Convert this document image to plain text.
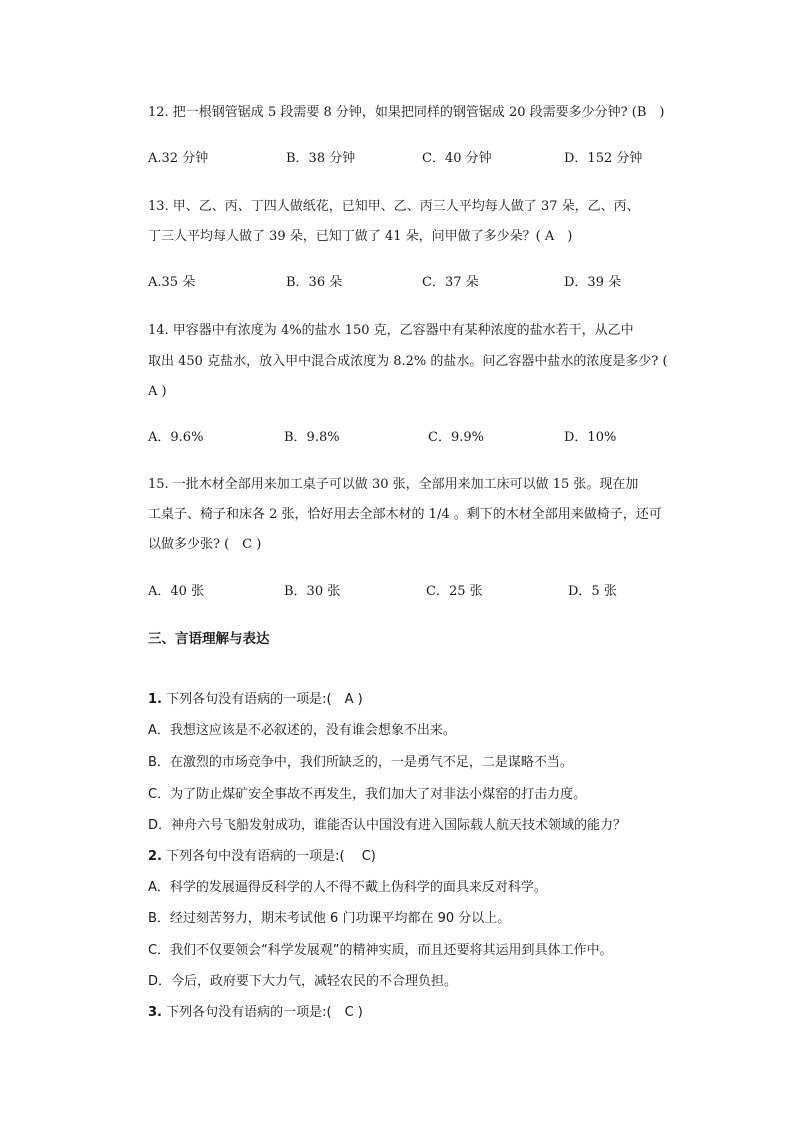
12. 把一根钢管锯成 5 段需要 8 分钟，如果把同样的钢管锯成 20 段需要多少分钟? (B　)
A.32 分钟	B．38 分钟	C．40 分钟	D．152 分钟
13. 甲、乙、丙、丁四人做纸花，已知甲、乙、丙三人平均每人做了 37 朵，乙、丙、
丁三人平均每人做了 39 朵，已知丁做了 41 朵，问甲做了多少朵？( A　)
A.35 朵	B．36 朵	C．37 朵	D．39 朵
14. 甲容器中有浓度为 4%的盐水 150 克，乙容器中有某种浓度的盐水若干，从乙中
取出 450 克盐水，放入甲中混合成浓度为 8.2% 的盐水。问乙容器中盐水的浓度是多少? (
A )
A．9.6%	B．9.8%	C．9.9%	D．10%
15. 一批木材全部用来加工桌子可以做 30 张，全部用来加工床可以做 15 张。现在加
工桌子、椅子和床各 2 张，恰好用去全部木材的 1/4 。剩下的木材全部用来做椅子，还可
以做多少张? (　C )
A．40 张	B．30 张	C．25 张	D．5 张
三、言语理解与表达
1. 下列各句没有语病的一项是:(　A )
A．我想这应该是不必叙述的，没有谁会想象不出来。
B．在激烈的市场竞争中，我们所缺乏的，一是勇气不足，二是谋略不当。
C．为了防止煤矿安全事故不再发生，我们加大了对非法小煤窑的打击力度。
D．神舟六号飞船发射成功，谁能否认中国没有进入国际载人航天技术领域的能力？
2. 下列各句中没有语病的一项是:(　 C)
A．科学的发展逼得反科学的人不得不戴上伪科学的面具来反对科学。
B．经过刻苦努力，期末考试他 6 门功课平均都在 90 分以上。
C．我们不仅要领会“科学发展观”的精神实质，而且还要将其运用到具体工作中。
D．今后，政府要下大力气，减轻农民的不合理负担。
3. 下列各句没有语病的一项是:(　C )
